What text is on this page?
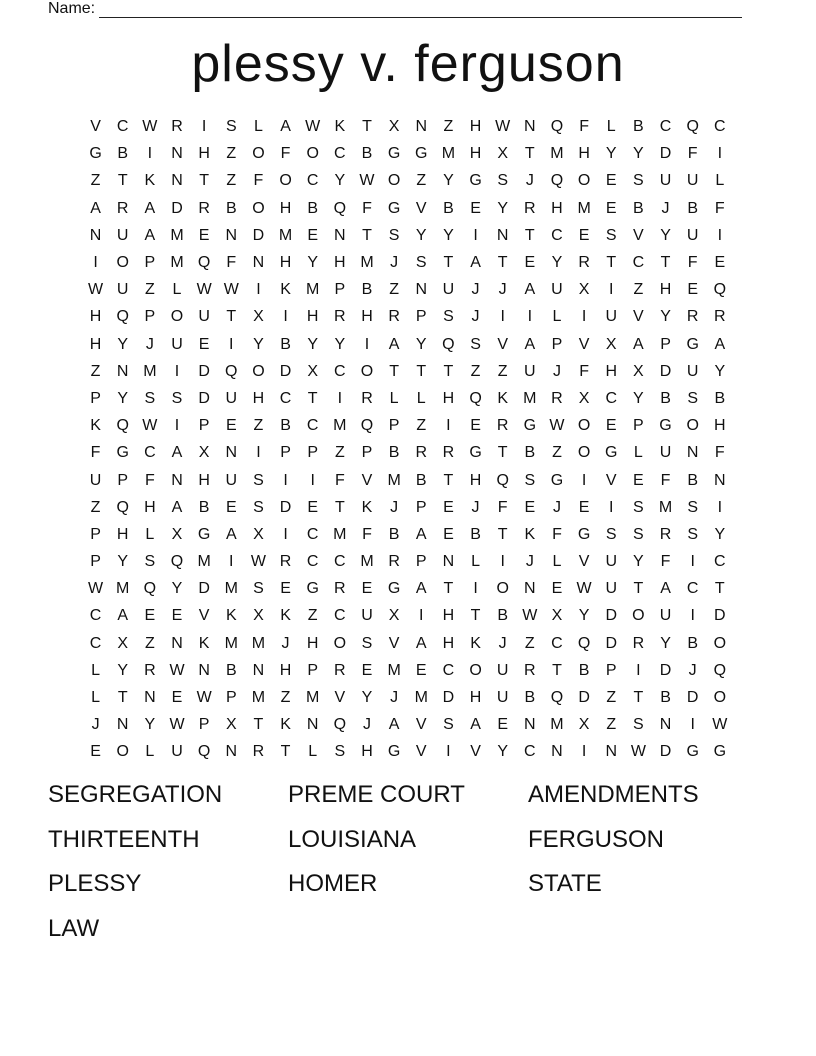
Name:
plessy v. ferguson
V	C W R	I	S	L	A W K	T	X	N	Z	H W N Q	F	L	B	C Q C
G B	I	N H	Z	O	F	O C	B G G M H	X	T M H	Y	Y	D	F	I
Z	T	K	N	T	Z	F	O C	Y W O	Z	Y G S	J	Q O E	S	U U	L
A	R	A	D R	B O H	B Q	F	G V	B	E	Y	R H M E	B	J	B	F
N U	A M E	N D M E	N	T	S	Y	Y	I	N	T	C	E	S	V	Y	U	I
I	O P M Q	F	N H	Y	H M	J	S	T	A	T	E	Y	R	T	C	T	F	E
W U	Z	L W W	I	K M P	B	Z	N U	J	J	A	U	X	I	Z	H	E Q
H Q P O U	T	X	I	H R H R	P	S	J	I	I	L	I	U	V	Y	R R
H	Y	J	U	E	I	Y	B	Y	Y	I	A	Y Q S	V	A	P	V	X	A	P G A
Z	N M	I	D Q O D	X	C O	T	T	T	Z	Z	U	J	F	H	X	D U	Y
P	Y	S	S	D U H C	T	I	R	L	L	H Q K M R	X	C	Y	B	S	B
K Q W	I	P	E	Z	B	C M Q P	Z	I	E	R G W O E	P G O H
F	G C	A	X	N	I	P	P	Z	P	B	R R G	T	B	Z	O G	L	U N	F
U	P	F	N H U	S	I	I	F	V M B	T	H Q S G	I	V	E	F	B	N
Z	Q H	A	B	E	S	D	E	T	K	J	P	E	J	F	E	J	E	I	S M S	I
P	H	L	X G A	X	I	C M F	B	A	E	B	T	K	F	G S	S	R	S	Y
P	Y	S Q M	I	W R C C M R	P	N	L	I	J	L	V	U	Y	F	I	C
W M Q Y	D M S	E G R	E G A	T	I	O N	E W U	T	A	C	T
C	A	E	E	V	K	X	K	Z	C U	X	I	H	T	B W X	Y	D O U	I	D
C	X	Z	N	K M M	J	H O S	V	A	H	K	J	Z	C Q D R	Y	B O
L	Y	R W N	B	N H	P	R	E M E	C O U R	T	B	P	I	D	J	Q
L	T	N	E W P M Z M V	Y	J	M D H U	B Q D	Z	T	B	D O
J	N	Y W P	X	T	K	N Q	J	A	V	S	A	E	N M X	Z	S	N	I	W
E O	L	U Q N R	T	L	S	H G V	I	V	Y	C N	I	N W D G G
SEGREGATION	PREME COURT	AMENDMENTS
THIRTEENTH	LOUISIANA	FERGUSON
PLESSY	HOMER	STATE
LAW
